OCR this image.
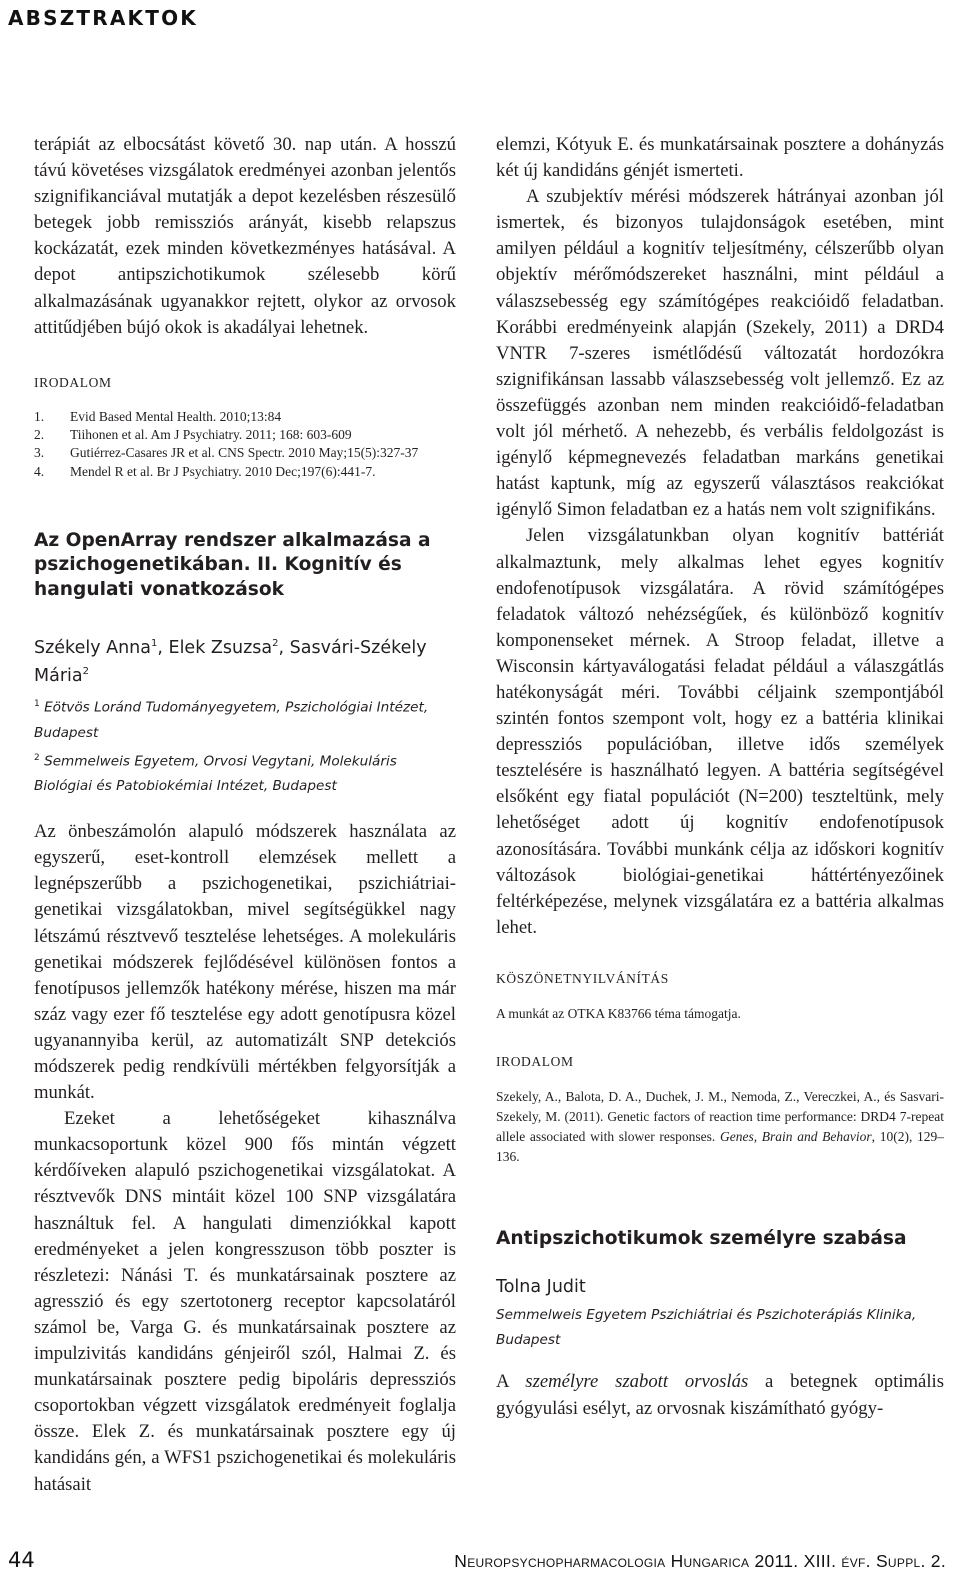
ABSZTRAKTOK

terápiát az elbocsátást követő 30. nap után. A hosszú távú követéses vizsgálatok eredményei azonban jelentős szignifikanciával mutatják a depot kezelésben részesülő betegek jobb remissziós arányát, kisebb relapszus kockázatát, ezek minden következményes hatásával. A depot antipszichotikumok szélesebb körű alkalmazásának ugyanakkor rejtett, olykor az orvosok attitűdjében bújó okok is akadályai lehetnek.

IRODALOM

1.	Evid Based Mental Health. 2010;13:84
2.	Tiihonen et al. Am J Psychiatry. 2011; 168: 603-609
3.	Gutiérrez-Casares JR et al. CNS Spectr. 2010 May;15(5):327-37
4.	Mendel R et al. Br J Psychiatry. 2010 Dec;197(6):441-7.
Az OpenArray rendszer alkalmazása a pszichogenetikában. II. Kognitív és hangulati vonatkozások

Székely Anna$^1$, Elek Zsuzsa$^2$, Sasvári-Székely Mária$^2$

$^1$ Eötvös Loránd Tudományegyetem, Pszichológiai Intézet, Budapest

$^2$ Semmelweis Egyetem, Orvosi Vegytani, Molekuláris Biológiai és Patobiokémiai Intézet, Budapest

Az önbeszámolón alapuló módszerek használata az egyszerű, eset-kontroll elemzések mellett a legnépszerűbb a pszichogenetikai, pszichiátriai-genetikai vizsgálatokban, mivel segítségükkel nagy létszámú résztvevő tesztelése lehetséges. A molekuláris genetikai módszerek fejlődésével különösen fontos a fenotípusos jellemzők hatékony mérése, hiszen ma már száz vagy ezer fő tesztelése egy adott genotípusra közel ugyanannyiba kerül, az automatizált SNP detekciós módszerek pedig rendkívüli mértékben felgyorsítják a munkát.

Ezeket a lehetőségeket kihasználva munkacsoportunk közel 900 fős mintán végzett kérdőíveken alapuló pszichogenetikai vizsgálatokat. A résztvevők DNS mintáit közel 100 SNP vizsgálatára használtuk fel. A hangulati dimenziókkal kapott eredményeket a jelen kongresszuson több poszter is részletezi: Nánási T. és munkatársainak posztere az agresszió és egy szertotonerg receptor kapcsolatáról számol be, Varga G. és munkatársainak posztere az impulzivitás kandidáns génjeiről szól, Halmai Z. és munkatársainak posztere pedig bipoláris depressziós csoportokban végzett vizsgálatok eredményeit foglalja össze. Elek Z. és munkatársainak posztere egy új kandidáns gén, a WFS1 pszichogenetikai és molekuláris hatásait

elemzi, Kótyuk E. és munkatársainak posztere a dohányzás két új kandidáns génjét ismerteti.

A szubjektív mérési módszerek hátrányai azonban jól ismertek, és bizonyos tulajdonságok esetében, mint amilyen például a kognitív teljesítmény, célszerűbb olyan objektív mérőmódszereket használni, mint például a válaszsebesség egy számítógépes reakcióidő feladatban. Korábbi eredményeink alapján (Szekely, 2011) a DRD4 VNTR 7-szeres ismétlődésű változatát hordozókra szignifikánsan lassabb válaszsebesség volt jellemző. Ez az összefüggés azonban nem minden reakcióidő-feladatban volt jól mérhető. A nehezebb, és verbális feldolgozást is igénylő képmegnevezés feladatban markáns genetikai hatást kaptunk, míg az egyszerű választásos reakciókat igénylő Simon feladatban ez a hatás nem volt szignifikáns.

Jelen vizsgálatunkban olyan kognitív battériát alkalmaztunk, mely alkalmas lehet egyes kognitív endofenotípusok vizsgálatára. A rövid számítógépes feladatok változó nehézségűek, és különböző kognitív komponenseket mérnek. A Stroop feladat, illetve a Wisconsin kártyaválogatási feladat például a válaszgátlás hatékonyságát méri. További céljaink szempontjából szintén fontos szempont volt, hogy ez a battéria klinikai depressziós populációban, illetve idős személyek tesztelésére is használható legyen. A battéria segítségével elsőként egy fiatal populációt (N=200) teszteltünk, mely lehetőséget adott új kognitív endofenotípusok azonosítására. További munkánk célja az időskori kognitív változások biológiai-genetikai háttértényezőinek feltérképezése, melynek vizsgálatára ez a battéria alkalmas lehet.

KÖSZÖNETNYILVÁNÍTÁS

A munkát az OTKA K83766 téma támogatja.

IRODALOM

Szekely, A., Balota, D. A., Duchek, J. M., Nemoda, Z., Vereczkei, A., és Sasvari-Szekely, M. (2011). Genetic factors of reaction time performance: DRD4 7-repeat allele associated with slower responses. Genes, Brain and Behavior, 10(2), 129–136.

Antipszichotikumok személyre szabása

Tolna Judit

Semmelweis Egyetem Pszichiátriai és Pszichoterápiás Klinika, Budapest

A személyre szabott orvoslás a betegnek optimális gyógyulási esélyt, az orvosnak kiszámítható gyógy-

44	Neuropsychopharmacologia Hungarica 2011. XIII. évf. Suppl. 2.
